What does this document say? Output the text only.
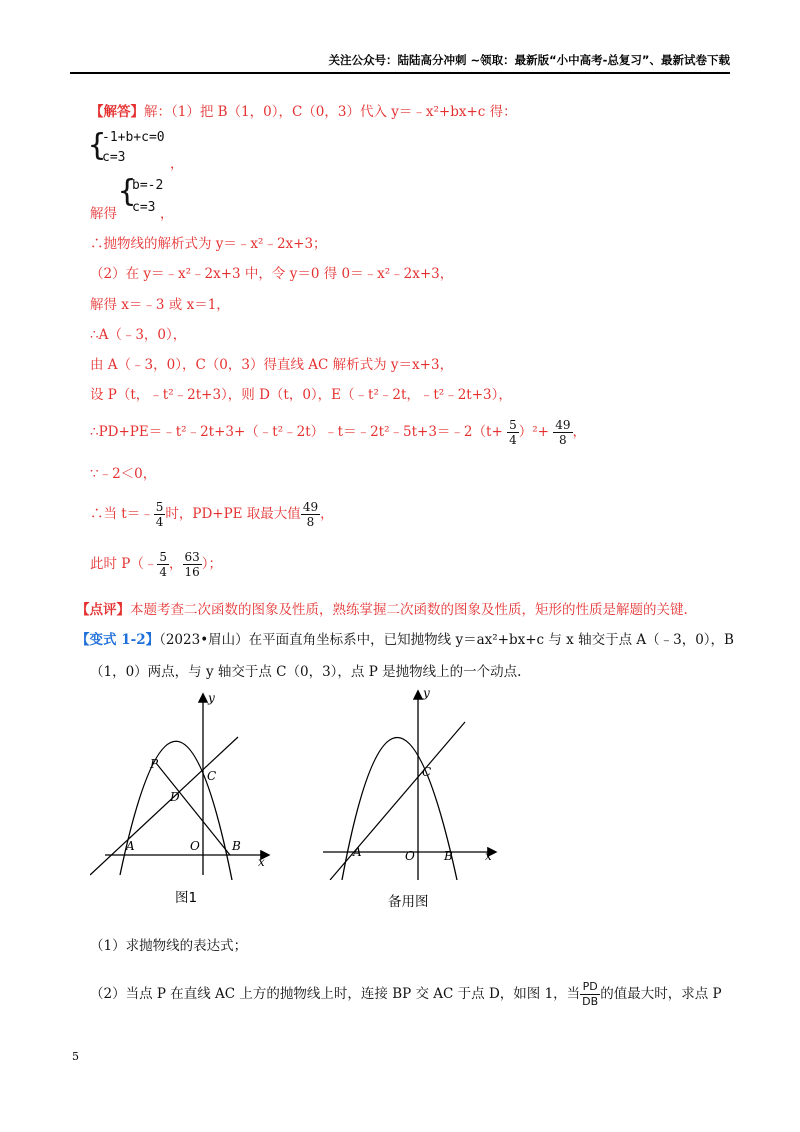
关注公众号：陆陆高分冲刺 ~领取：最新版“小中高考-总复习”、最新试卷下载
【解答】解：（1）把 B（1，0），C（0，3）代入 y＝﹣x²+bx+c 得：
{
-1+b+c=0
c=3	，
解得
{
b=-2
c=3 ，
∴抛物线的解析式为 y＝﹣x²﹣2x+3；
（2）在 y＝﹣x²﹣2x+3 中，令 y＝0 得 0＝﹣x²﹣2x+3，
解得 x＝﹣3 或 x＝1，
∴A（﹣3，0），
由 A（﹣3，0），C（0，3）得直线 AC 解析式为 y＝x+3，
设 P（t，﹣t²﹣2t+3），则 D（t，0），E（﹣t²﹣2t，﹣t²﹣2t+3），
∴PD+PE＝﹣t²﹣2t+3+（﹣t²﹣2t）﹣t＝﹣2t²﹣5t+3＝﹣2（t+ $\frac{5}{4} )^2+ \frac{49}{8}$ ，
∵﹣2＜0，
∴当 t＝﹣ $\frac{5}{4}$ 时，PD+PE 取最大值 $\frac{49}{8}$ ，
此时 P（﹣ $\frac{5}{4}$ ， $\frac{63}{16}$ ）；
【点评】本题考查二次函数的图象及性质，熟练掌握二次函数的图象及性质，矩形的性质是解题的关键.
【变式 1-2】（2023•眉山）在平面直角坐标系中，已知抛物线 y＝ax²+bx+c 与 x 轴交于点 A（﹣3，0），B
（1，0）两点，与 y 轴交于点 C（0，3），点 P 是抛物线上的一个动点.
x
y
O
A	B
C
D
P
图1
x
y
O
A	B
C
备用图
（1）求抛物线的表达式；
（2）当点 P 在直线 AC 上方的抛物线上时，连接 BP 交 AC 于点 D，如图 1，当 $\frac{PD}{DB}$ 的值最大时，求点 P
5
